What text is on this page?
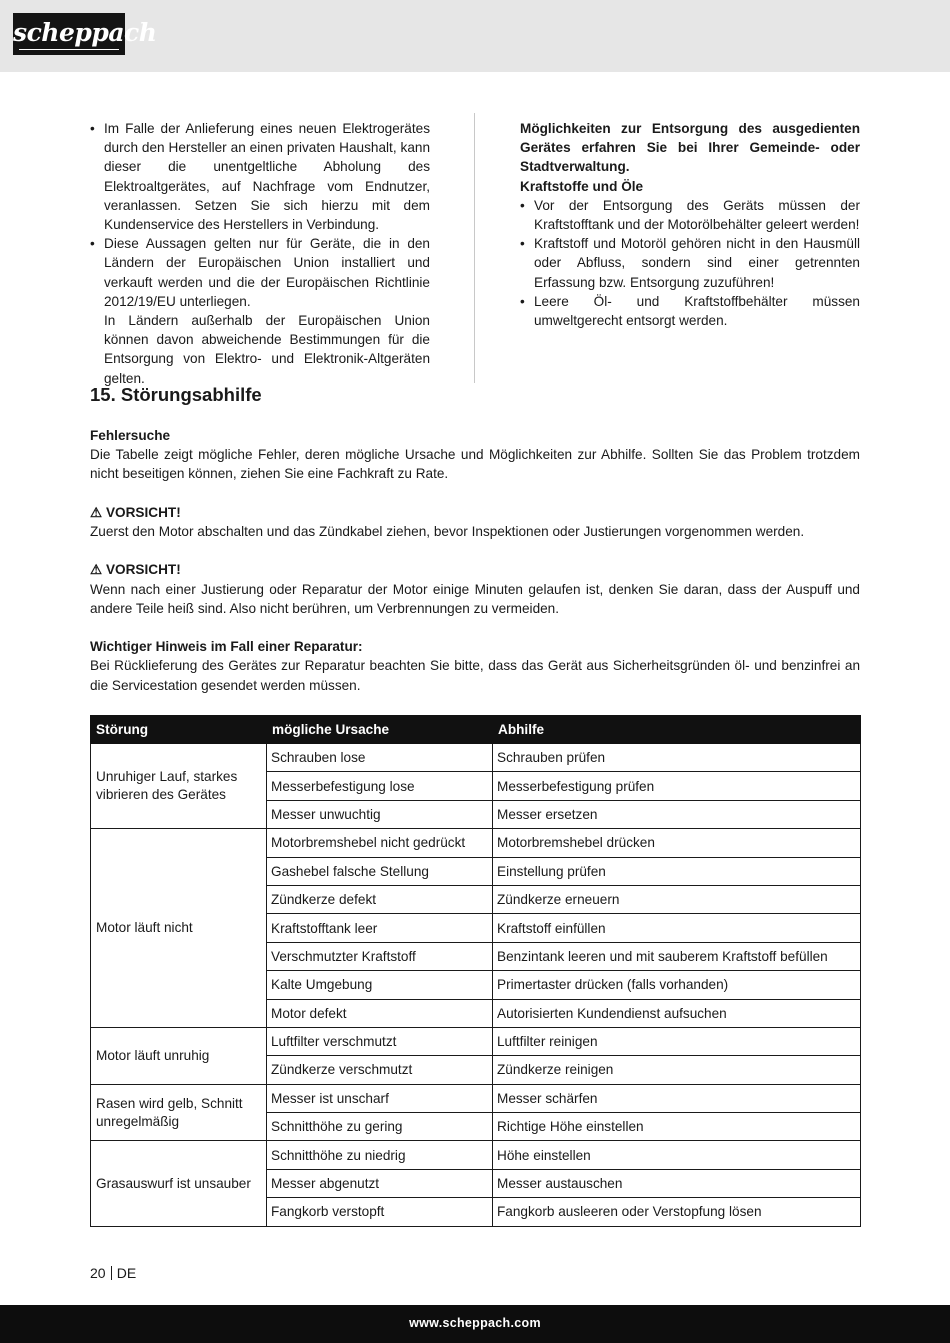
scheppach
• Im Falle der Anlieferung eines neuen Elektrogerätes durch den Hersteller an einen privaten Haushalt, kann dieser die unentgeltliche Abholung des Elektroaltgerätes, auf Nachfrage vom Endnutzer, veranlassen. Setzen Sie sich hierzu mit dem Kundenservice des Herstellers in Verbindung.
• Diese Aussagen gelten nur für Geräte, die in den Ländern der Europäischen Union installiert und verkauft werden und die der Europäischen Richtlinie 2012/19/EU unterliegen.

In Ländern außerhalb der Europäischen Union können davon abweichende Bestimmungen für die Entsorgung von Elektro- und Elektronik-Altgeräten gelten.

Möglichkeiten zur Entsorgung des ausgedienten Gerätes erfahren Sie bei Ihrer Gemeinde- oder Stadtverwaltung.

Kraftstoffe und Öle

• Vor der Entsorgung des Geräts müssen der Kraftstofftank und der Motorölbehälter geleert werden!
• Kraftstoff und Motoröl gehören nicht in den Hausmüll oder Abfluss, sondern sind einer getrennten Erfassung bzw. Entsorgung zuzuführen!
• Leere Öl- und Kraftstoffbehälter müssen umweltgerecht entsorgt werden.
15. Störungsabhilfe
Fehlersuche

Die Tabelle zeigt mögliche Fehler, deren mögliche Ursache und Möglichkeiten zur Abhilfe. Sollten Sie das Problem trotzdem nicht beseitigen können, ziehen Sie eine Fachkraft zu Rate.

⚠ VORSICHT!

Zuerst den Motor abschalten und das Zündkabel ziehen, bevor Inspektionen oder Justierungen vorgenommen werden.

⚠ VORSICHT!

Wenn nach einer Justierung oder Reparatur der Motor einige Minuten gelaufen ist, denken Sie daran, dass der Auspuff und andere Teile heiß sind. Also nicht berühren, um Verbrennungen zu vermeiden.

Wichtiger Hinweis im Fall einer Reparatur:

Bei Rücklieferung des Gerätes zur Reparatur beachten Sie bitte, dass das Gerät aus Sicherheitsgründen öl- und benzinfrei an die Servicestation gesendet werden müssen.

Störung	mögliche Ursache	Abhilfe
Unruhiger Lauf, starkes vibrieren des Gerätes	Schrauben lose	Schrauben prüfen
	Messerbefestigung lose	Messerbefestigung prüfen
	Messer unwuchtig	Messer ersetzen
Motor läuft nicht	Motorbremshebel nicht gedrückt	Motorbremshebel drücken
	Gashebel falsche Stellung	Einstellung prüfen
	Zündkerze defekt	Zündkerze erneuern
	Kraftstofftank leer	Kraftstoff einfüllen
	Verschmutzter Kraftstoff	Benzintank leeren und mit sauberem Kraftstoff befüllen
	Kalte Umgebung	Primertaster drücken (falls vorhanden)
	Motor defekt	Autorisierten Kundendienst aufsuchen
Motor läuft unruhig	Luftfilter verschmutzt	Luftfilter reinigen
	Zündkerze verschmutzt	Zündkerze reinigen
Rasen wird gelb, Schnitt unregelmäßig	Messer ist unscharf	Messer schärfen
	Schnitthöhe zu gering	Richtige Höhe einstellen
Grasauswurf ist unsauber	Schnitthöhe zu niedrig	Höhe einstellen
	Messer abgenutzt	Messer austauschen
	Fangkorb verstopft	Fangkorb ausleeren oder Verstopfung lösen
20 DE
www.scheppach.com
